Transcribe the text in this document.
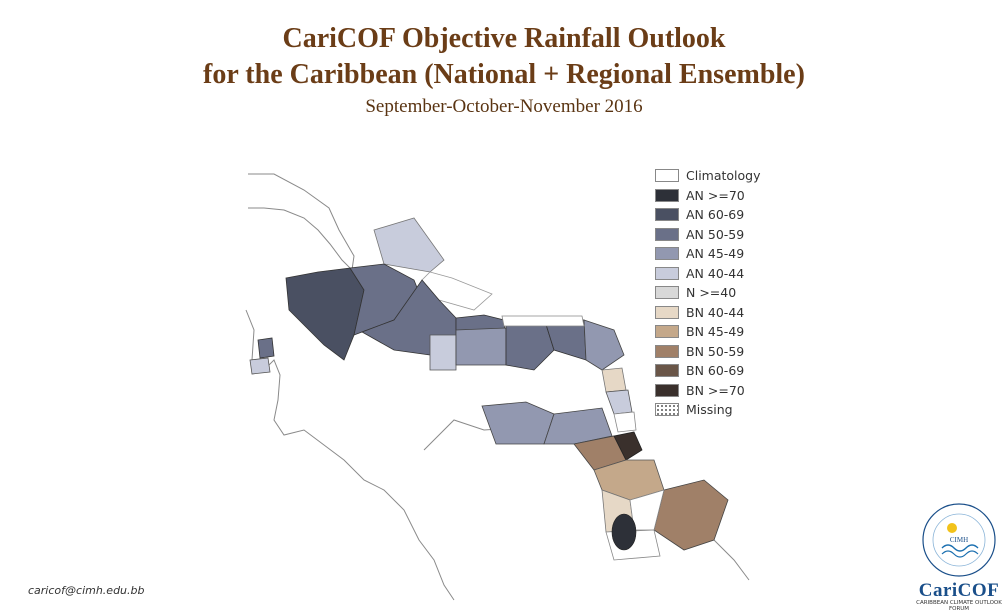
CariCOF Objective Rainfall Outlook
for the Caribbean (National + Regional Ensemble)
September-October-November 2016
Climatology
AN >=70
AN 60-69
AN 50-59
AN 45-49
AN 40-44
N >=40
BN 40-44
BN 45-49
BN 50-59
BN 60-69
BN >=70
Missing
caricof@cimh.edu.bb
CIMH
CariCOF
CARIBBEAN CLIMATE OUTLOOK FORUM
